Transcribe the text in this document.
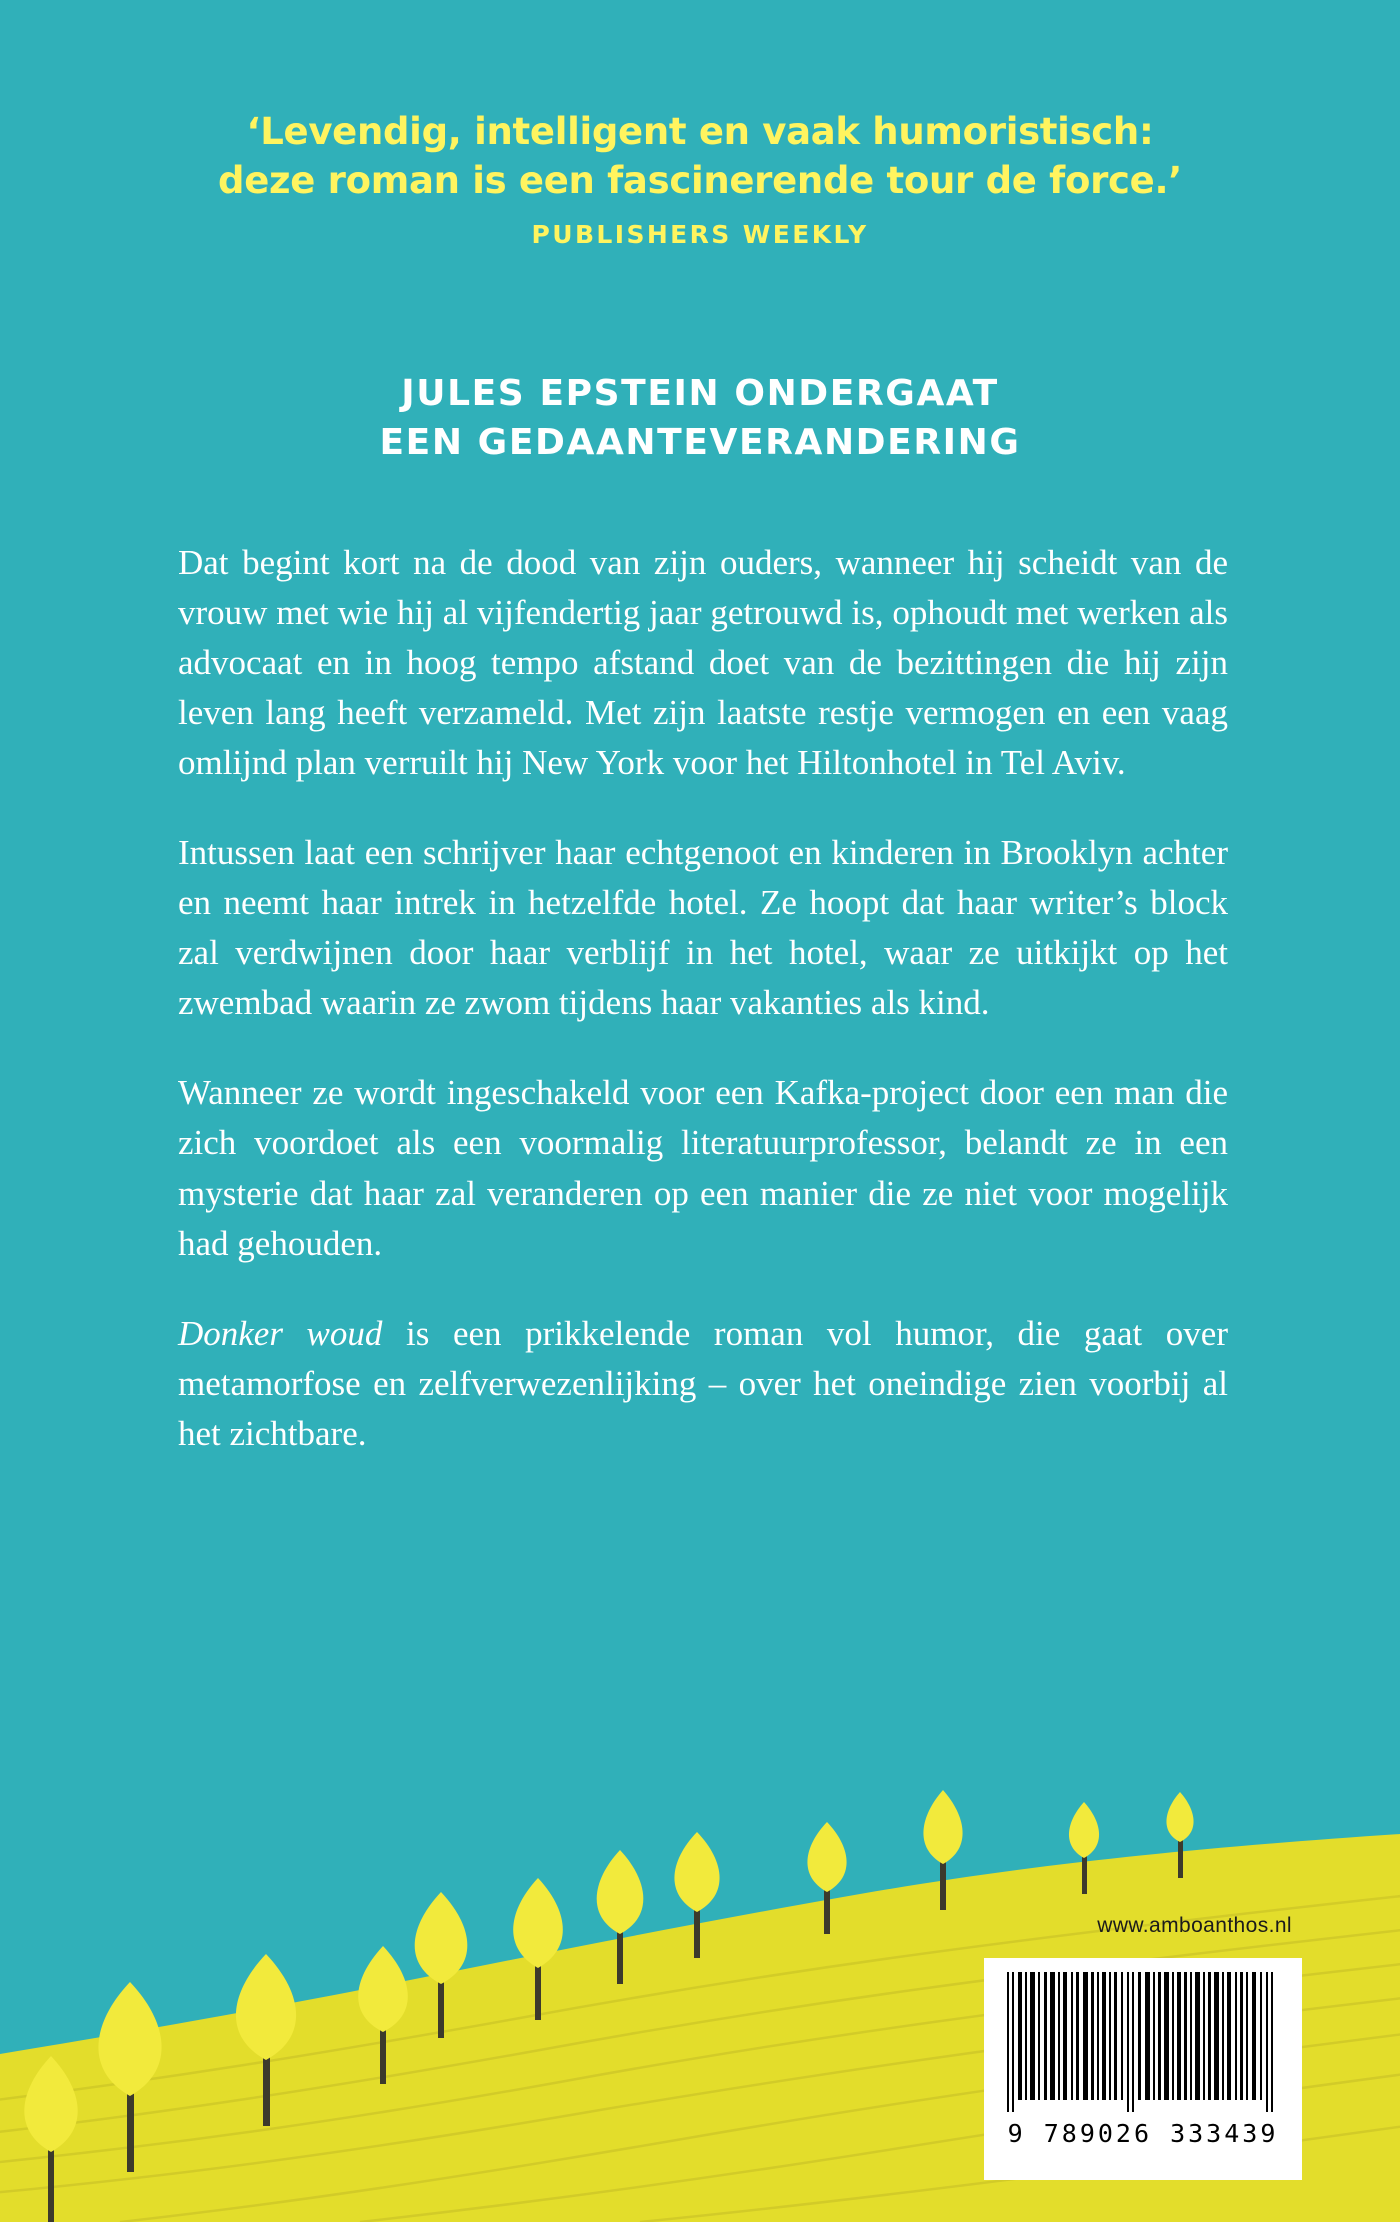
‘Levendig, intelligent en vaak humoristisch:
deze roman is een fascinerende tour de force.’
PUBLISHERS WEEKLY
JULES EPSTEIN ONDERGAAT
EEN GEDAANTEVERANDERING

Dat begint kort na de dood van zijn ouders, wanneer hij scheidt van de vrouw met wie hij al vijfendertig jaar getrouwd is, ophoudt met werken als advocaat en in hoog tempo afstand doet van de bezittingen die hij zijn leven lang heeft verzameld. Met zijn laatste restje vermogen en een vaag omlijnd plan verruilt hij New York voor het Hiltonhotel in Tel Aviv.

Intussen laat een schrijver haar echtgenoot en kinderen in Brooklyn achter en neemt haar intrek in hetzelfde hotel. Ze hoopt dat haar writer’s block zal verdwijnen door haar verblijf in het hotel, waar ze uitkijkt op het zwembad waarin ze zwom tijdens haar vakanties als kind.

Wanneer ze wordt ingeschakeld voor een Kafka-project door een man die zich voordoet als een voormalig literatuurprofessor, belandt ze in een mysterie dat haar zal veranderen op een manier die ze niet voor mogelijk had gehouden.

Donker woud is een prikkelende roman vol humor, die gaat over metamorfose en zelfverwezenlijking – over het oneindige zien voorbij al het zichtbare.

www.amboanthos.nl
9 789026 333439
